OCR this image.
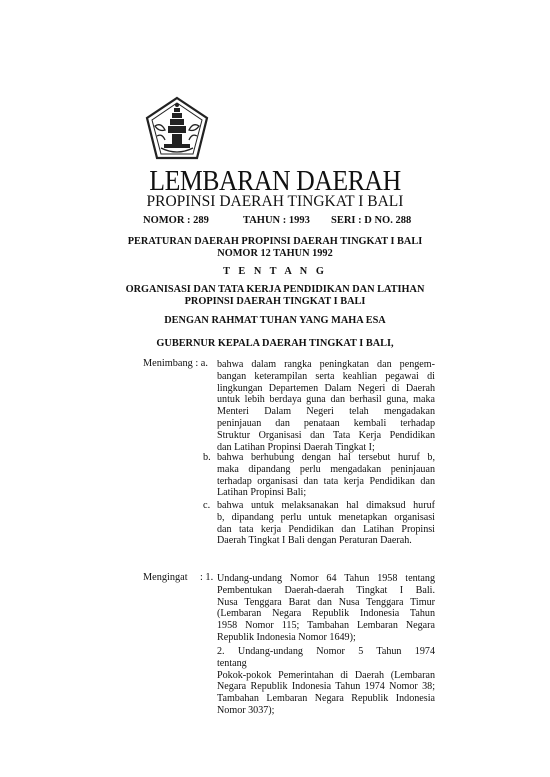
LEMBARAN DAERAH
PROPINSI DAERAH TINGKAT I BALI
NOMOR : 289	TAHUN : 1993 SERI : D NO. 288
PERATURAN DAERAH PROPINSI DAERAH TINGKAT I BALI
NOMOR 12 TAHUN 1992
T E N T A N G
ORGANISASI DAN TATA KERJA PENDIDIKAN DAN LATIHAN
PROPINSI DAERAH TINGKAT I BALI
DENGAN RAHMAT TUHAN YANG MAHA ESA
GUBERNUR KEPALA DAERAH TINGKAT I BALI,
Menimbang : a. bahwa dalam rangka peningkatan dan pengem-
bangan keterampilan serta keahlian pegawai di
lingkungan Departemen Dalam Negeri di Daerah
untuk lebih berdaya guna dan berhasil guna, maka
Menteri Dalam Negeri telah mengadakan
peninjauan dan penataan kembali terhadap
Struktur Organisasi dan Tata Kerja Pendidikan
dan Latihan Propinsi Daerah Tingkat I;
b. bahwa berhubung dengan hal tersebut huruf b,
maka dipandang perlu mengadakan peninjauan
terhadap organisasi dan tata kerja Pendidikan dan
Latihan Propinsi Bali;
c. bahwa untuk melaksanakan hal dimaksud huruf
b, dipandang perlu untuk menetapkan organisasi
dan tata kerja Pendidikan dan Latihan Propinsi
Daerah Tingkat I Bali dengan Peraturan Daerah.
Mengingat : 1. Undang-undang Nomor 64 Tahun 1958 tentang
Pembentukan Daerah-daerah Tingkat I Bali.
Nusa Tenggara Barat dan Nusa Tenggara Timur
(Lembaran Negara Republik Indonesia Tahun
1958 Nomor 115; Tambahan Lembaran Negara
Republik Indonesia Nomor 1649);
2. Undang-undang Nomor 5 Tahun 1974
tentang
Pokok-pokok Pemerintahan di Daerah (Lembaran
Negara Republik Indonesia Tahun 1974 Nomor 38;
Tambahan Lembaran Negara Republik Indonesia
Nomor 3037);
